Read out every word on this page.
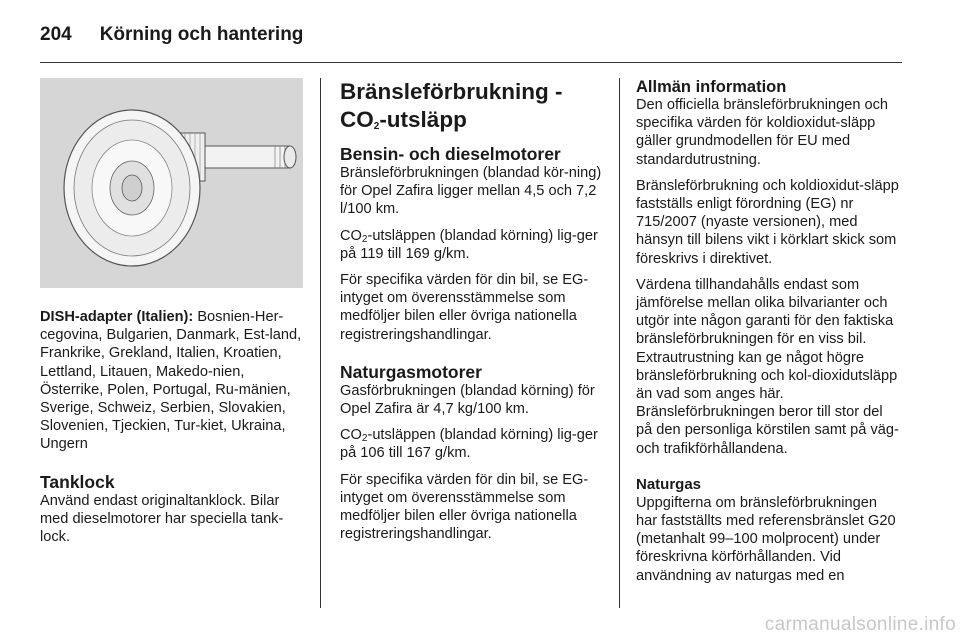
204 Körning och hantering

DISH-adapter (Italien): Bosnien-Her-cegovina, Bulgarien, Danmark, Est-land, Frankrike, Grekland, Italien, Kroatien, Lettland, Litauen, Makedo-nien, Österrike, Polen, Portugal, Ru-mänien, Sverige, Schweiz, Serbien, Slovakien, Slovenien, Tjeckien, Tur-kiet, Ukraina, Ungern

Tanklock

Använd endast originaltanklock. Bilar med dieselmotorer har speciella tank-lock.

Bränsleförbrukning - $CO_2$-utsläpp
Bensin- och dieselmotorer

Bränsleförbrukningen (blandad kör-ning) för Opel Zafira ligger mellan 4,5 och 7,2 l/100 km.

$CO_2$-utsläppen (blandad körning) lig-ger på 119 till 169 g/km.

För specifika värden för din bil, se EG-intyget om överensstämmelse som medföljer bilen eller övriga nationella registreringshandlingar.

Naturgasmotorer

Gasförbrukningen (blandad körning) för Opel Zafira är 4,7 kg/100 km.

$CO_2$-utsläppen (blandad körning) lig-ger på 106 till 167 g/km.

För specifika värden för din bil, se EG-intyget om överensstämmelse som medföljer bilen eller övriga nationella registreringshandlingar.

Allmän information

Den officiella bränsleförbrukningen och specifika värden för koldioxidut-släpp gäller grundmodellen för EU med standardutrustning.

Bränsleförbrukning och koldioxidut-släpp fastställs enligt förordning (EG) nr 715/2007 (nyaste versionen), med hänsyn till bilens vikt i körklart skick som föreskrivs i direktivet.

Värdena tillhandahålls endast som jämförelse mellan olika bilvarianter och utgör inte någon garanti för den faktiska bränsleförbrukningen för en viss bil. Extrautrustning kan ge något högre bränsleförbrukning och kol-dioxidutsläpp än vad som anges här. Bränsleförbrukningen beror till stor del på den personliga körstilen samt på väg- och trafikförhållandena.

Naturgas

Uppgifterna om bränsleförbrukningen har fastställts med referensbränslet G20 (metanhalt 99–100 molprocent) under föreskrivna körförhållanden. Vid användning av naturgas med en

carmanualsonline.info
